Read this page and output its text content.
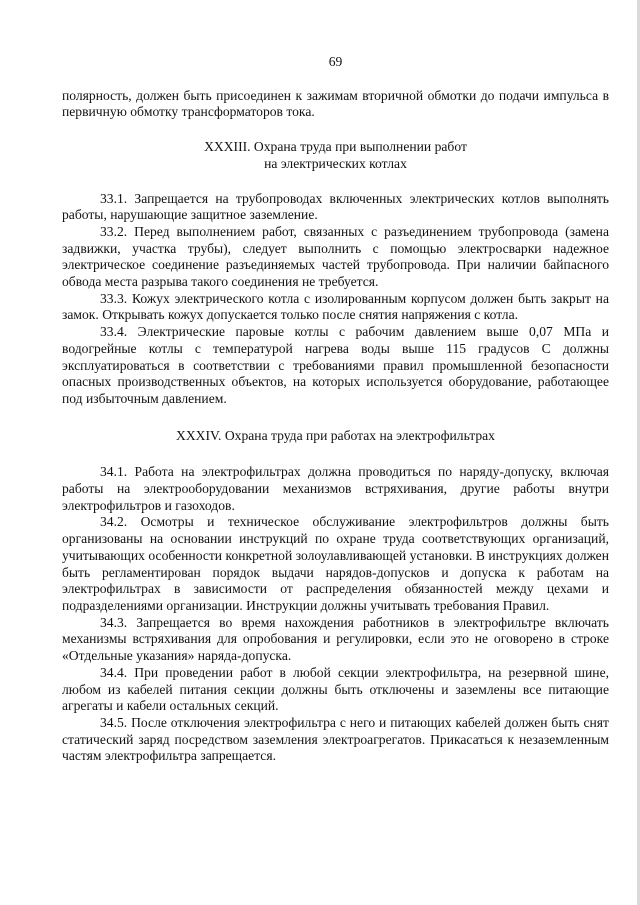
69

полярность, должен быть присоединен к зажимам вторичной обмотки до подачи импульса в первичную обмотку трансформаторов тока.

XXXIII. Охрана труда при выполнении работ

на электрических котлах

33.1. Запрещается на трубопроводах включенных электрических котлов выполнять работы, нарушающие защитное заземление.

33.2. Перед выполнением работ, связанных с разъединением трубопровода (замена задвижки, участка трубы), следует выполнить с помощью электросварки надежное электрическое соединение разъединяемых частей трубопровода. При наличии байпасного обвода места разрыва такого соединения не требуется.

33.3. Кожух электрического котла с изолированным корпусом должен быть закрыт на замок. Открывать кожух допускается только после снятия напряжения с котла.

33.4. Электрические паровые котлы с рабочим давлением выше 0,07 МПа и водогрейные котлы с температурой нагрева воды выше 115 градусов С должны эксплуатироваться в соответствии с требованиями правил промышленной безопасности опасных производственных объектов, на которых используется оборудование, работающее под избыточным давлением.

XXXIV. Охрана труда при работах на электрофильтрах

34.1. Работа на электрофильтрах должна проводиться по наряду-допуску, включая работы на электрооборудовании механизмов встряхивания, другие работы внутри электрофильтров и газоходов.

34.2. Осмотры и техническое обслуживание электрофильтров должны быть организованы на основании инструкций по охране труда соответствующих организаций, учитывающих особенности конкретной золоулавливающей установки. В инструкциях должен быть регламентирован порядок выдачи нарядов-допусков и допуска к работам на электрофильтрах в зависимости от распределения обязанностей между цехами и подразделениями организации. Инструкции должны учитывать требования Правил.

34.3. Запрещается во время нахождения работников в электрофильтре включать механизмы встряхивания для опробования и регулировки, если это не оговорено в строке «Отдельные указания» наряда-допуска.

34.4. При проведении работ в любой секции электрофильтра, на резервной шине, любом из кабелей питания секции должны быть отключены и заземлены все питающие агрегаты и кабели остальных секций.

34.5. После отключения электрофильтра с него и питающих кабелей должен быть снят статический заряд посредством заземления электроагрегатов. Прикасаться к незаземленным частям электрофильтра запрещается.
